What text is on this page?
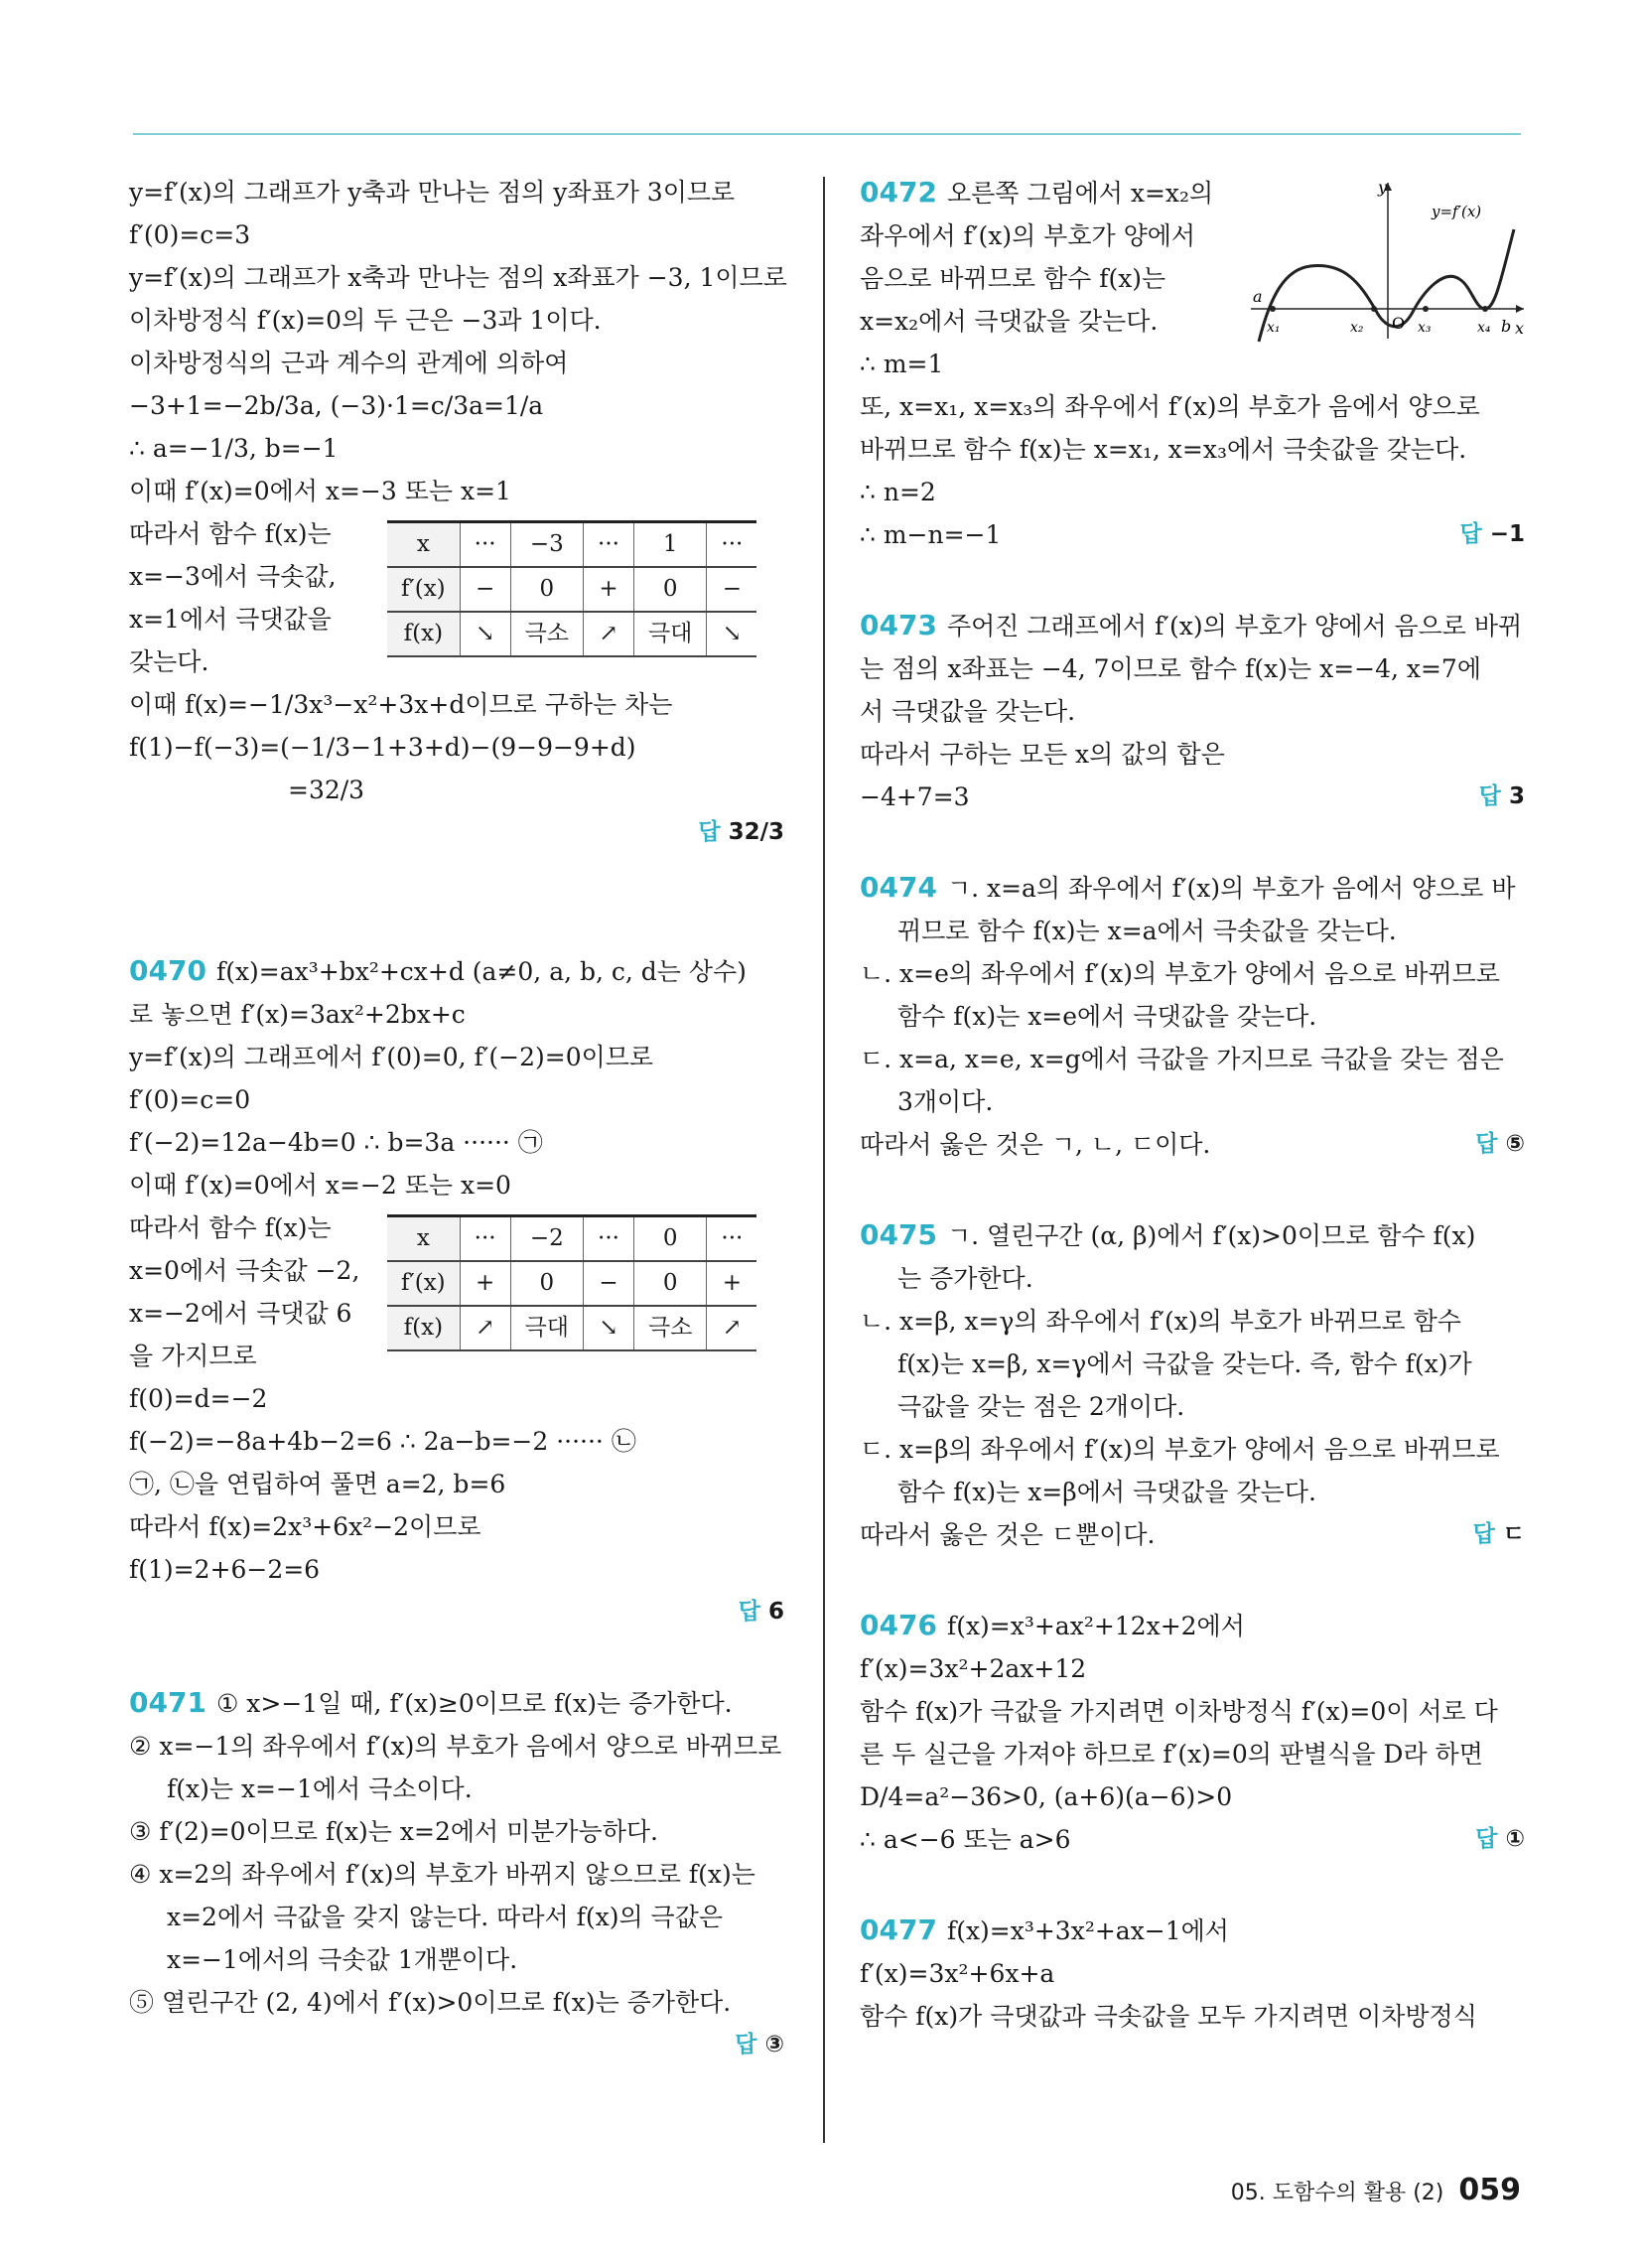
y=f′(x)의 그래프가 y축과 만나는 점의 y좌표가 3이므로
f′(0)=c=3
y=f′(x)의 그래프가 x축과 만나는 점의 x좌표가 −3, 1이므로
이차방정식 f′(x)=0의 두 근은 −3과 1이다.
이차방정식의 근과 계수의 관계에 의하여
−3+1=−2b/3a, (−3)·1=c/3a=1/a
∴ a=−1/3, b=−1
이때 f′(x)=0에서 x=−3 또는 x=1
따라서 함수 f(x)는
x=−3에서 극솟값,
x=1에서 극댓값을
갖는다.
x	···	−3	···	1	···
f′(x)	−	0	+	0	−
f(x)	↘	극소	↗	극대	↘
이때 f(x)=−1/3x³−x²+3x+d이므로 구하는 차는
f(1)−f(−3)=(−1/3−1+3+d)−(9−9−9+d)
=32/3
답 32/3
0470 f(x)=ax³+bx²+cx+d (a≠0, a, b, c, d는 상수)
로 놓으면 f′(x)=3ax²+2bx+c
y=f′(x)의 그래프에서 f′(0)=0, f′(−2)=0이므로
f′(0)=c=0
f′(−2)=12a−4b=0 ∴ b=3a ······ ㉠
이때 f′(x)=0에서 x=−2 또는 x=0
따라서 함수 f(x)는
x=0에서 극솟값 −2,
x=−2에서 극댓값 6
을 가지므로
x	···	−2	···	0	···
f′(x)	+	0	−	0	+
f(x)	↗	극대	↘	극소	↗
f(0)=d=−2
f(−2)=−8a+4b−2=6 ∴ 2a−b=−2 ······ ㉡
㉠, ㉡을 연립하여 풀면 a=2, b=6
따라서 f(x)=2x³+6x²−2이므로
f(1)=2+6−2=6
답 6
0471 ① x>−1일 때, f′(x)≥0이므로 f(x)는 증가한다.
② x=−1의 좌우에서 f′(x)의 부호가 음에서 양으로 바뀌므로
f(x)는 x=−1에서 극소이다.
③ f′(2)=0이므로 f(x)는 x=2에서 미분가능하다.
④ x=2의 좌우에서 f′(x)의 부호가 바뀌지 않으므로 f(x)는
x=2에서 극값을 갖지 않는다. 따라서 f(x)의 극값은
x=−1에서의 극솟값 1개뿐이다.
⑤ 열린구간 (2, 4)에서 f′(x)>0이므로 f(x)는 증가한다.
답 ③
0472 오른쪽 그림에서 x=x₂의
좌우에서 f′(x)의 부호가 양에서
음으로 바뀌므로 함수 f(x)는
x=x₂에서 극댓값을 갖는다.
∴ m=1
또, x=x₁, x=x₃의 좌우에서 f′(x)의 부호가 음에서 양으로
바뀌므로 함수 f(x)는 x=x₁, x=x₃에서 극솟값을 갖는다.
∴ n=2
∴ m−n=−1	답 −1
0473 주어진 그래프에서 f′(x)의 부호가 양에서 음으로 바뀌
는 점의 x좌표는 −4, 7이므로 함수 f(x)는 x=−4, x=7에
서 극댓값을 갖는다.
따라서 구하는 모든 x의 값의 합은
−4+7=3	답 3
0474 ㄱ. x=a의 좌우에서 f′(x)의 부호가 음에서 양으로 바
뀌므로 함수 f(x)는 x=a에서 극솟값을 갖는다.
ㄴ. x=e의 좌우에서 f′(x)의 부호가 양에서 음으로 바뀌므로
함수 f(x)는 x=e에서 극댓값을 갖는다.
ㄷ. x=a, x=e, x=g에서 극값을 가지므로 극값을 갖는 점은
3개이다.
따라서 옳은 것은 ㄱ, ㄴ, ㄷ이다.	답 ⑤
0475 ㄱ. 열린구간 (α, β)에서 f′(x)>0이므로 함수 f(x)
는 증가한다.
ㄴ. x=β, x=γ의 좌우에서 f′(x)의 부호가 바뀌므로 함수
f(x)는 x=β, x=γ에서 극값을 갖는다. 즉, 함수 f(x)가
극값을 갖는 점은 2개이다.
ㄷ. x=β의 좌우에서 f′(x)의 부호가 양에서 음으로 바뀌므로
함수 f(x)는 x=β에서 극댓값을 갖는다.
따라서 옳은 것은 ㄷ뿐이다.	답 ㄷ
0476 f(x)=x³+ax²+12x+2에서
f′(x)=3x²+2ax+12
함수 f(x)가 극값을 가지려면 이차방정식 f′(x)=0이 서로 다
른 두 실근을 가져야 하므로 f′(x)=0의 판별식을 D라 하면
D/4=a²−36>0, (a+6)(a−6)>0
∴ a<−6 또는 a>6	답 ①
0477 f(x)=x³+3x²+ax−1에서
f′(x)=3x²+6x+a
함수 f(x)가 극댓값과 극솟값을 모두 가지려면 이차방정식
y
x
y=f′(x)
O
a
x₁	x₂	x₃	x₄ b
05. 도함수의 활용 (2) 059
